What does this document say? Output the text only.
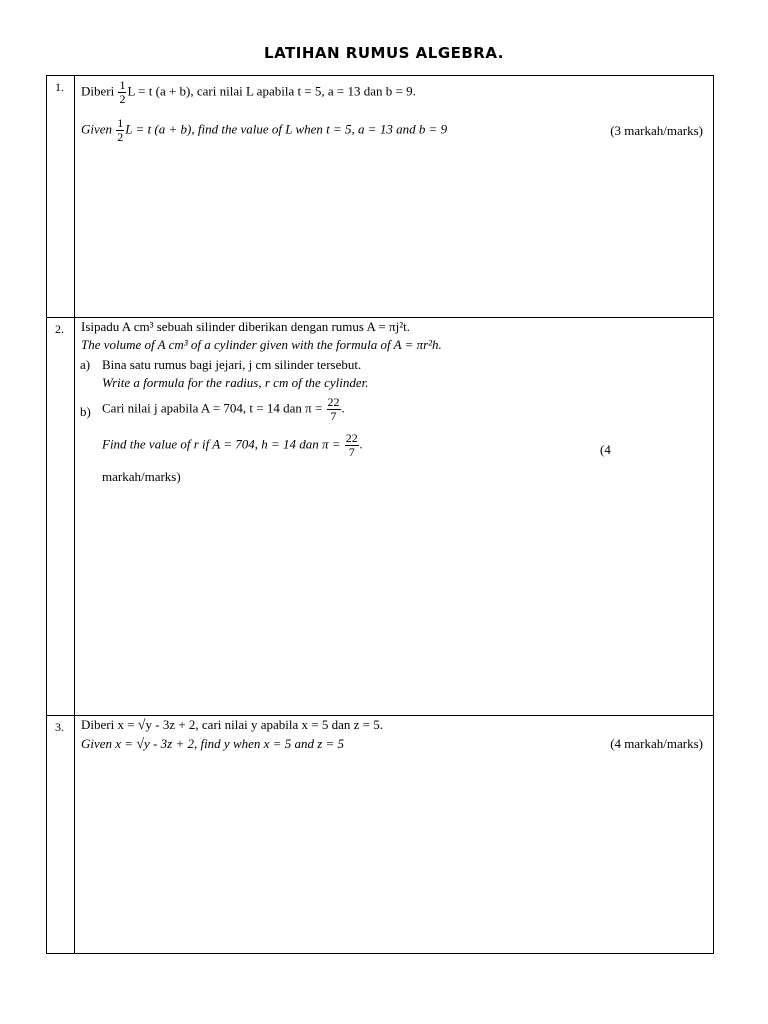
LATIHAN RUMUS ALGEBRA.
1. Diberi $\frac{1}{2}$ L = t (a + b), cari nilai L apabila t = 5, a = 13 dan b = 9.
Given $\frac{1}{2}$ L = t (a + b), find the value of L when t = 5, a = 13 and b = 9	(3 markah/marks)
2. Isipadu A cm³ sebuah silinder diberikan dengan rumus A = πj²t.
The volume of A cm³ of a cylinder given with the formula of A = πr²h.
a) Bina satu rumus bagi jejari, j cm silinder tersebut.
Write a formula for the radius, r cm of the cylinder.
b) Cari nilai j apabila A = 704, t = 14 dan $\pi = \frac{22}{7}$ .
Find the value of r if A = 704, h = 14 dan $\pi = \frac{22}{7}$ .	(4
markah/marks)
3. Diberi x = √y - 3z + 2, cari nilai y apabila x = 5 dan z = 5.
Given x = √y - 3z + 2, find y when x = 5 and z = 5	(4 markah/marks)
